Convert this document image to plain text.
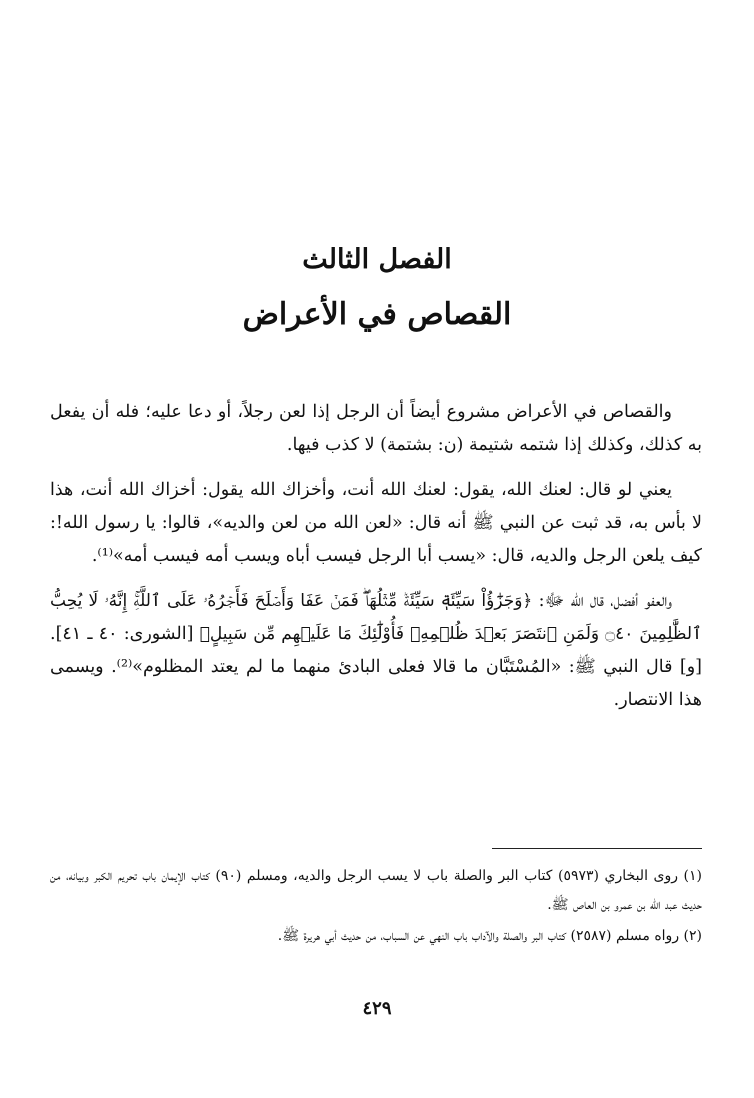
الفصل الثالث
القصاص في الأعراض

والقصاص في الأعراض مشروع أيضاً أن الرجل إذا لعن رجلاً، أو دعا عليه؛ فله أن يفعل به كذلك، وكذلك إذا شتمه شتيمة (ن: بشتمة) لا كذب فيها.

يعني لو قال: لعنك الله، يقول: لعنك الله أنت، وأخزاك الله يقول: أخزاك الله أنت، هذا لا بأس به، قد ثبت عن النبي ﷺ أنه قال: «لعن الله من لعن والديه»، قالوا: يا رسول الله!: كيف يلعن الرجل والديه، قال: «يسب أبا الرجل فيسب أباه ويسب أمه فيسب أمه»⁽¹⁾.

والعفو أفضل، قال الله ﷻ: ﴿وَجَزَٰٓؤُاْ سَيِّئَةٖ سَيِّئَةٞ مِّثۡلُهَاۖ فَمَنۡ عَفَا وَأَصۡلَحَ فَأَجۡرُهُۥ عَلَى ٱللَّهِۚ إِنَّهُۥ لَا يُحِبُّ ٱلظَّٰلِمِينَ ۝٤٠ وَلَمَنِ ٱنتَصَرَ بَعۡدَ ظُلۡمِهِۦ فَأُوْلَٰٓئِكَ مَا عَلَيۡهِم مِّن سَبِيلٍ﴾ [الشورى: ٤٠ ـ ٤١]. [و] قال النبي ﷺ: «المُسْتَبَّان ما قالا فعلى البادئ منهما ما لم يعتد المظلوم»⁽²⁾. ويسمى هذا الانتصار.

(١) روى البخاري (٥٩٧٣) كتاب البر والصلة باب لا يسب الرجل والديه، ومسلم (٩٠) كتاب الإيمان باب تحريم الكبر وبيانه، من حديث عبد الله بن عمرو بن العاص ﷺ.
(٢) رواه مسلم (٢٥٨٧) كتاب البر والصلة والآداب باب النهي عن السباب، من حديث أبي هريرة ﷺ.
٤٢٩
